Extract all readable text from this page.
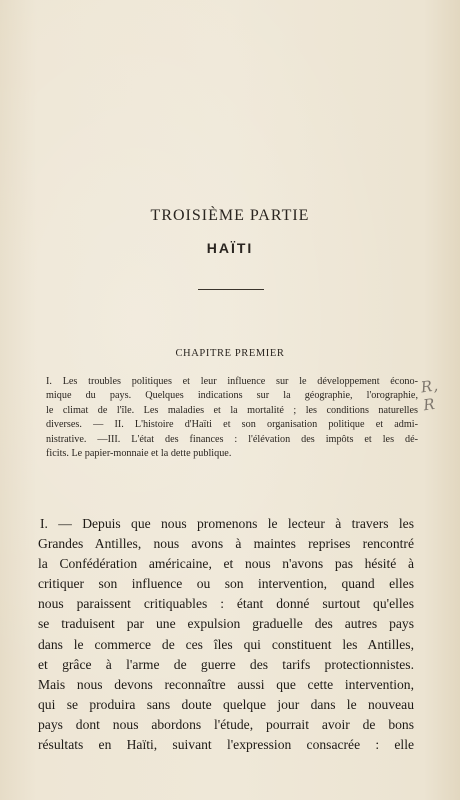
TROISIÈME PARTIE
HAÏTI
CHAPITRE PREMIER
I. Les troubles politiques et leur influence sur le développement écono-
mique du pays. Quelques indications sur la géographie, l'orographie,
le climat de l'île. Les maladies et la mortalité ; les conditions naturelles
diverses. — II. L'histoire d'Haïti et son organisation politique et admi-
nistrative. —III. L'état des finances : l'élévation des impôts et les dé-
ficits. Le papier-monnaie et la dette publique.
R, R
I. — Depuis que nous promenons le lecteur à travers les
Grandes Antilles, nous avons à maintes reprises rencontré
la Confédération américaine, et nous n'avons pas hésité à
critiquer son influence ou son intervention, quand elles
nous paraissent critiquables : étant donné surtout qu'elles
se traduisent par une expulsion graduelle des autres pays
dans le commerce de ces îles qui constituent les Antilles,
et grâce à l'arme de guerre des tarifs protectionnistes.
Mais nous devons reconnaître aussi que cette intervention,
qui se produira sans doute quelque jour dans le nouveau
pays dont nous abordons l'étude, pourrait avoir de bons
résultats en Haïti, suivant l'expression consacrée : elle
